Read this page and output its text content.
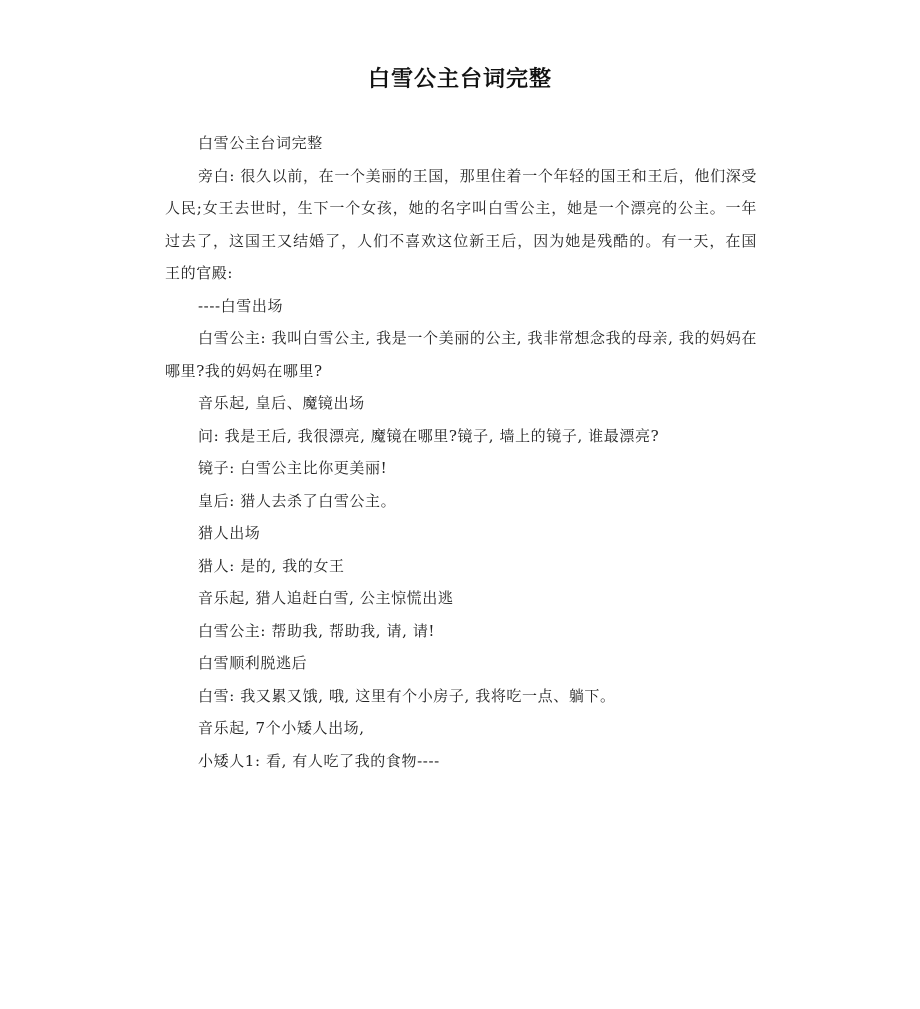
白雪公主台词完整

白雪公主台词完整

旁白: 很久以前，在一个美丽的王国，那里住着一个年轻的国王和王后，他们深受人民;女王去世时，生下一个女孩，她的名字叫白雪公主，她是一个漂亮的公主。一年过去了，这国王又结婚了，人们不喜欢这位新王后，因为她是残酷的。有一天，在国王的官殿:

----白雪出场

白雪公主: 我叫白雪公主, 我是一个美丽的公主, 我非常想念我的母亲, 我的妈妈在哪里?我的妈妈在哪里?

音乐起, 皇后、魔镜出场

问: 我是王后, 我很漂亮, 魔镜在哪里?镜子, 墙上的镜子, 谁最漂亮?

镜子: 白雪公主比你更美丽!

皇后: 猎人去杀了白雪公主。

猎人出场

猎人: 是的, 我的女王

音乐起, 猎人追赶白雪, 公主惊慌出逃

白雪公主: 帮助我, 帮助我, 请, 请!

白雪顺利脱逃后

白雪: 我又累又饿, 哦, 这里有个小房子, 我将吃一点、躺下。

音乐起, 7个小矮人出场,

小矮人1: 看, 有人吃了我的食物----
